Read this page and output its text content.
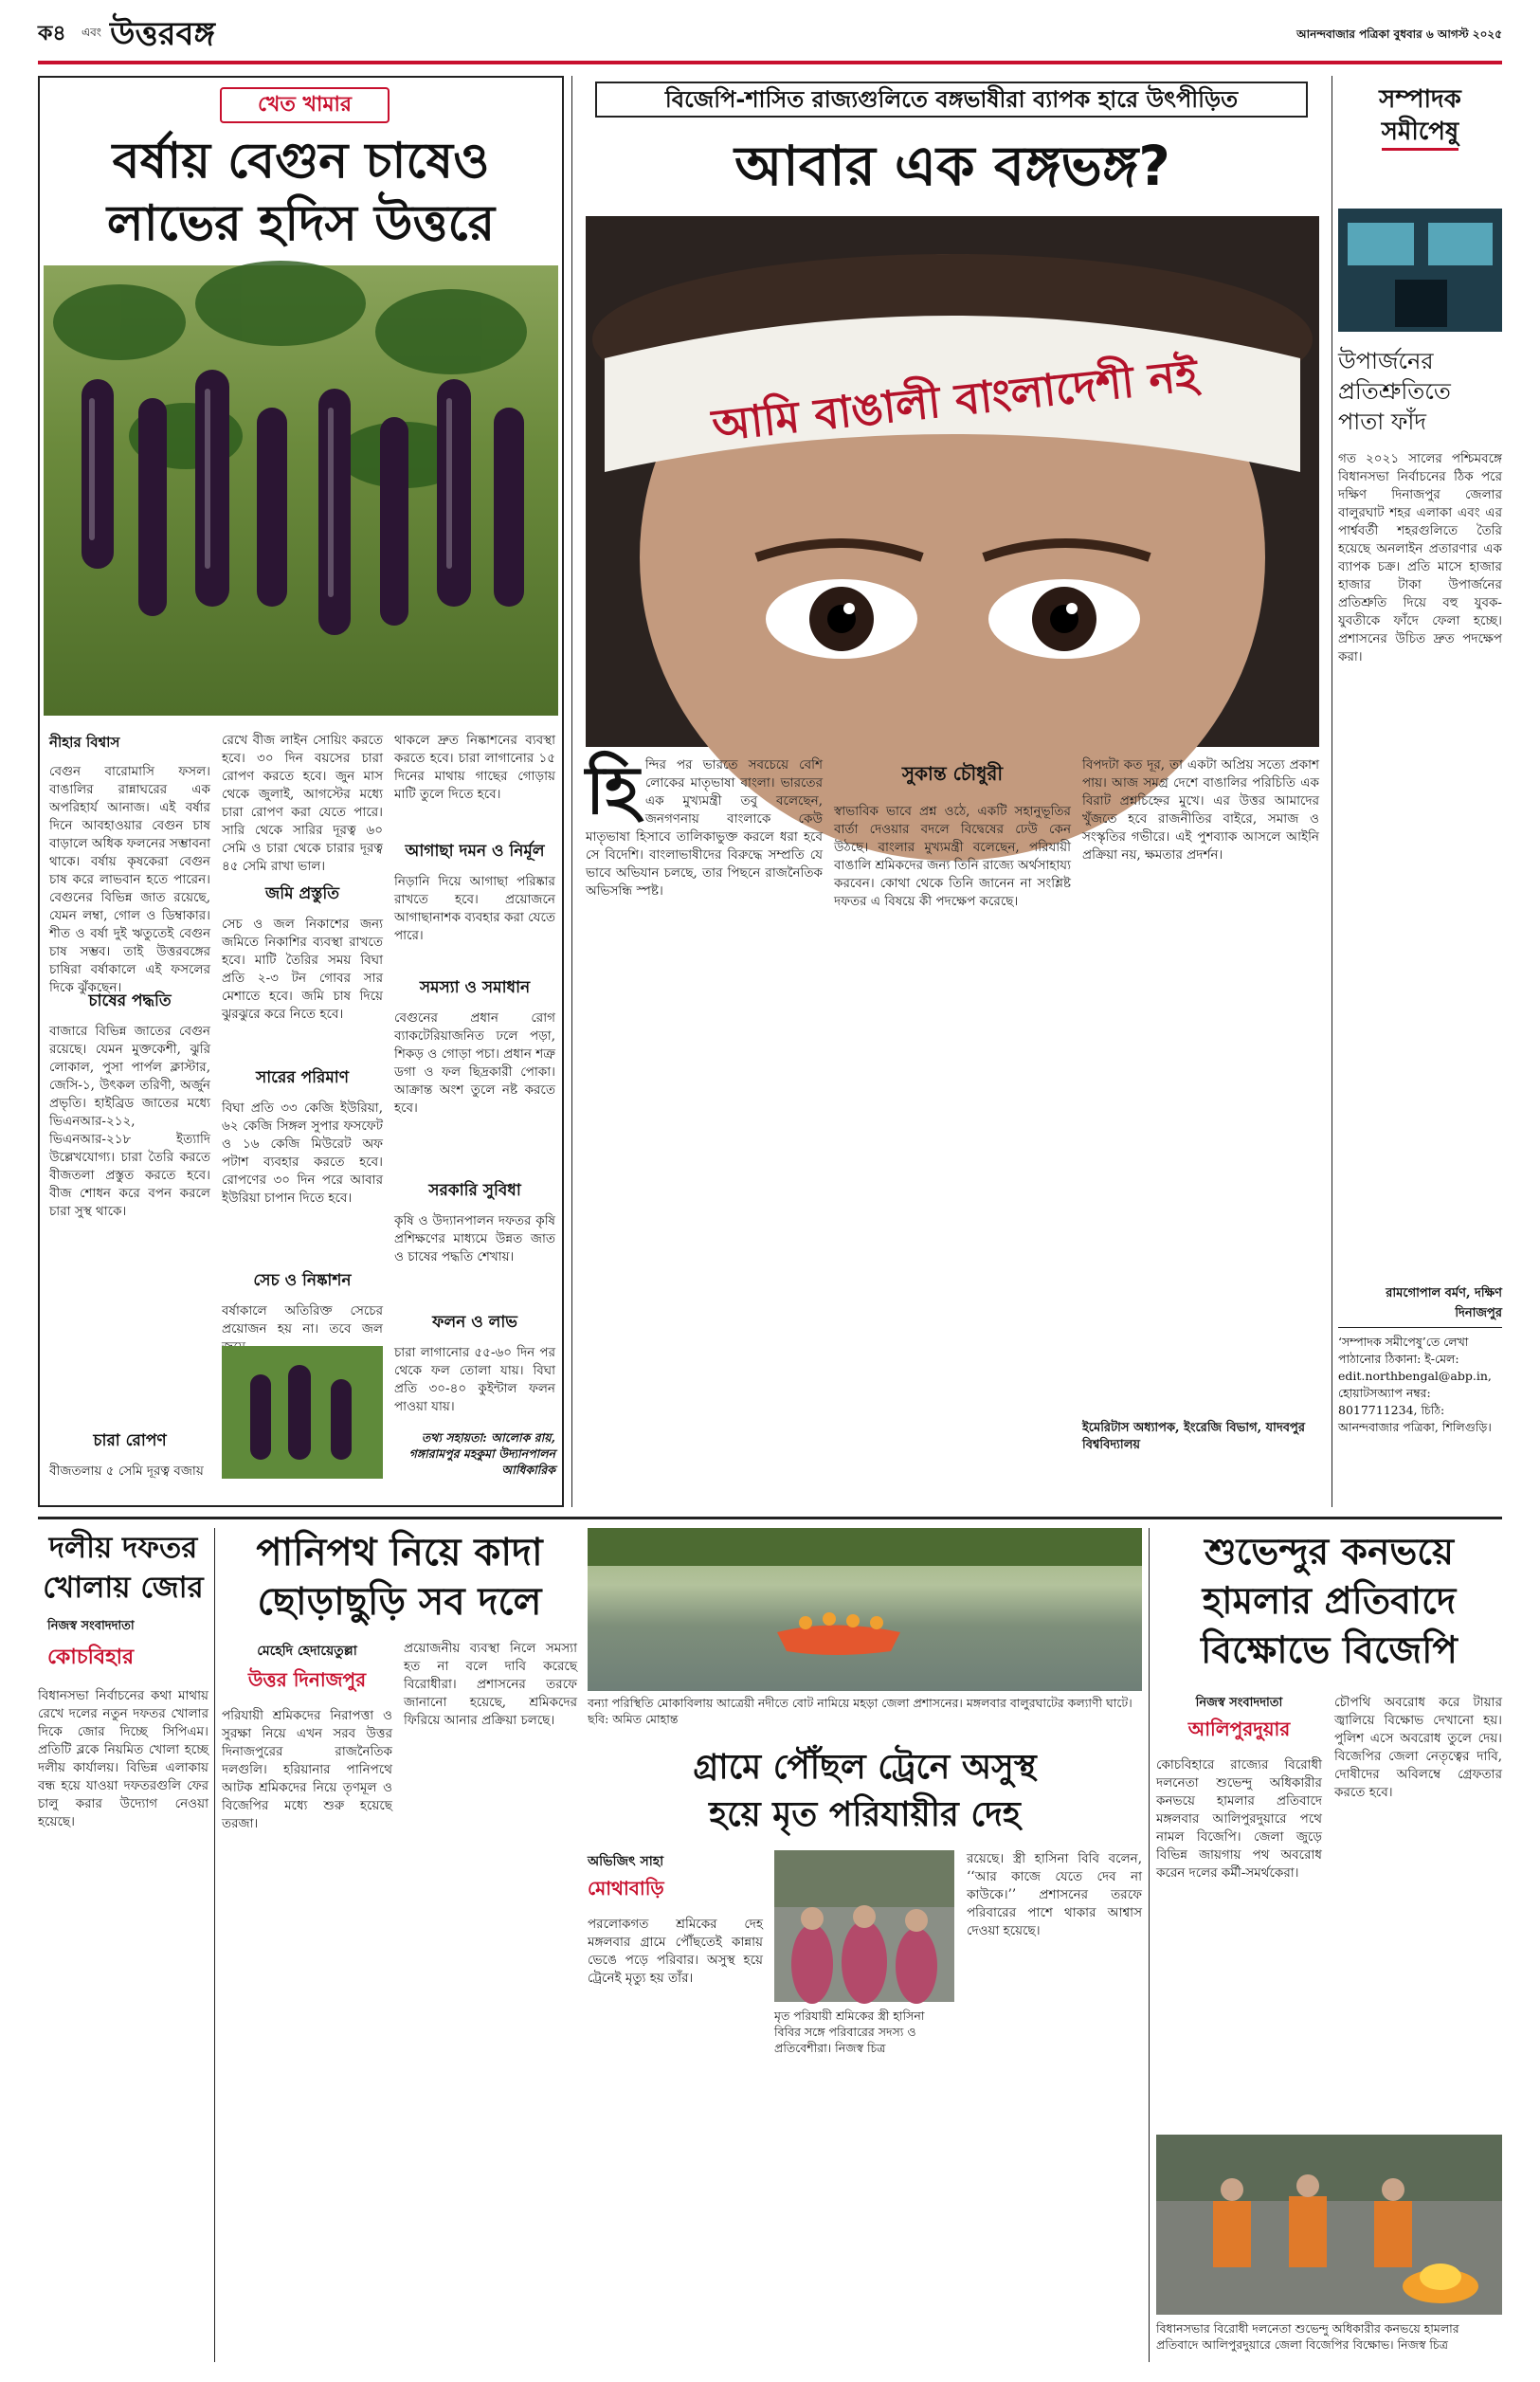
ক৪ এবং উত্তরবঙ্গ	আনন্দবাজার পত্রিকা বুধবার ৬ আগস্ট ২০২৫
খেত খামার
বর্ষায় বেগুন চাষেও
লাভের হদিস উত্তরে
নীহার বিশ্বাস
বেগুন বারোমাসি ফসল। বাঙালির রান্নাঘরের এক অপরিহার্য আনাজ। এই বর্ষার দিনে আবহাওয়ার বেগুন চাষ বাড়ালে অধিক ফলনের সম্ভাবনা থাকে। বর্ষায় কৃষকেরা বেগুন চাষ করে লাভবান হতে পারেন। বেগুনের বিভিন্ন জাত রয়েছে, যেমন লম্বা, গোল ও ডিম্বাকার। শীত ও বর্ষা দুই ঋতুতেই বেগুন চাষ সম্ভব। তাই উত্তরবঙ্গের চাষিরা বর্ষাকালে এই ফসলের দিকে ঝুঁকছেন।
চাষের পদ্ধতি
বাজারে বিভিন্ন জাতের বেগুন রয়েছে। যেমন মুক্তকেশী, ঝুরি লোকাল, পুসা পার্পল ক্লাস্টার, জেসি-১, উৎকল তরিণী, অর্জুন প্রভৃতি। হাইব্রিড জাতের মধ্যে ভিএনআর-২১২, ভিএনআর-২১৮ ইত্যাদি উল্লেখযোগ্য। চারা তৈরি করতে বীজতলা প্রস্তুত করতে হবে। বীজ শোধন করে বপন করলে চারা সুস্থ থাকে।
চারা রোপণ
বীজতলায় ৫ সেমি দূরত্ব বজায়
রেখে বীজ লাইন সোয়িং করতে হবে। ৩০ দিন বয়সের চারা রোপণ করতে হবে। জুন মাস থেকে জুলাই, আগস্টের মধ্যে চারা রোপণ করা যেতে পারে। সারি থেকে সারির দূরত্ব ৬০ সেমি ও চারা থেকে চারার দূরত্ব ৪৫ সেমি রাখা ভাল।
জমি প্রস্তুতি
সেচ ও জল নিকাশের জন্য জমিতে নিকাশির ব্যবস্থা রাখতে হবে। মাটি তৈরির সময় বিঘা প্রতি ২-৩ টন গোবর সার মেশাতে হবে। জমি চাষ দিয়ে ঝুরঝুরে করে নিতে হবে।
সারের পরিমাণ
বিঘা প্রতি ৩৩ কেজি ইউরিয়া, ৬২ কেজি সিঙ্গল সুপার ফসফেট ও ১৬ কেজি মিউরেট অফ পটাশ ব্যবহার করতে হবে। রোপণের ৩০ দিন পরে আবার ইউরিয়া চাপান দিতে হবে।
সেচ ও নিষ্কাশন
বর্ষাকালে অতিরিক্ত সেচের প্রয়োজন হয় না। তবে জল
থাকলে দ্রুত নিষ্কাশনের ব্যবস্থা করতে হবে। চারা লাগানোর ১৫ দিনের মাথায় গাছের গোড়ায় মাটি তুলে দিতে হবে।
আগাছা দমন ও নির্মূল
নিড়ানি দিয়ে আগাছা পরিষ্কার রাখতে হবে। প্রয়োজনে আগাছানাশক ব্যবহার করা যেতে পারে।
সমস্যা ও সমাধান
বেগুনের প্রধান রোগ ব্যাকটেরিয়াজনিত ঢলে পড়া, শিকড় ও গোড়া পচা। প্রধান শত্রু ডগা ও ফল ছিদ্রকারী পোকা। আক্রান্ত অংশ তুলে নষ্ট করতে হবে।
সরকারি সুবিধা
কৃষি ও উদ্যানপালন দফতর কৃষি প্রশিক্ষণের মাধ্যমে উন্নত জাত ও চাষের পদ্ধতি শেখায়।
ফলন ও লাভ
চারা লাগানোর ৫৫-৬০ দিন পর থেকে ফল তোলা যায়। বিঘা প্রতি ৩০-৪০ কুইন্টাল ফলন পাওয়া যায়।
তথ্য সহায়তা: আলোক রায়, গঙ্গারামপুর মহকুমা উদ্যানপালন আধিকারিক
বিজেপি-শাসিত রাজ্যগুলিতে বঙ্গভাষীরা ব্যাপক হারে উৎপীড়িত
আবার এক বঙ্গভঙ্গ?
আমি বাঙালী বাংলাদেশী নই
হি ন্দির পর ভারতে সবচেয়ে বেশি লোকের মাতৃভাষা বাংলা। ভারতের এক মুখ্যমন্ত্রী তবু বলেছেন, জনগণনায় বাংলাকে কেউ মাতৃভাষা হিসাবে তালিকাভুক্ত করলে ধরা হবে সে বিদেশি। বাংলাভাষীদের বিরুদ্ধে সম্প্রতি যে ভাবে অভিযান চলছে, তার পিছনে রাজনৈতিক অভিসন্ধি স্পষ্ট।
সুকান্ত চৌধুরী
স্বাভাবিক ভাবে প্রশ্ন ওঠে, একটি সহানুভূতির বার্তা দেওয়ার বদলে বিদ্বেষের ঢেউ কেন উঠছে। বাংলার মুখ্যমন্ত্রী বলেছেন, পরিযায়ী বাঙালি শ্রমিকদের জন্য তিনি রাজ্যে অর্থসাহায্য করবেন। কোথা থেকে তিনি জানেন না সংশ্লিষ্ট দফতর এ বিষয়ে কী পদক্ষেপ করেছে।
বিপদটা কত দূর, তা একটা অপ্রিয় সত্যে প্রকাশ পায়। আজ সমগ্র দেশে বাঙালির পরিচিতি এক বিরাট প্রশ্নচিহ্নের মুখে। এর উত্তর আমাদের খুঁজতে হবে রাজনীতির বাইরে, সমাজ ও সংস্কৃতির গভীরে। এই পুশব্যাক আসলে আইনি প্রক্রিয়া নয়, ক্ষমতার প্রদর্শন।
ইমেরিটাস অধ্যাপক, ইংরেজি বিভাগ, যাদবপুর বিশ্ববিদ্যালয়
সম্পাদক
সমীপেষু
উপার্জনের
প্রতিশ্রুতিতে
পাতা ফাঁদ
গত ২০২১ সালের পশ্চিমবঙ্গে বিধানসভা নির্বাচনের ঠিক পরে দক্ষিণ দিনাজপুর জেলার বালুরঘাট শহর এলাকা এবং এর পার্শ্ববর্তী শহরগুলিতে তৈরি হয়েছে অনলাইন প্রতারণার এক ব্যাপক চক্র। প্রতি মাসে হাজার হাজার টাকা উপার্জনের প্রতিশ্রুতি দিয়ে বহু যুবক-যুবতীকে ফাঁদে ফেলা হচ্ছে। প্রশাসনের উচিত দ্রুত পদক্ষেপ করা।
রামগোপাল বর্মণ, দক্ষিণ দিনাজপুর
‘সম্পাদক সমীপেষু’তে লেখা পাঠানোর ঠিকানা: ই-মেল: edit.northbengal@abp.in, হোয়াটসঅ্যাপ নম্বর: 8017711234, চিঠি: আনন্দবাজার পত্রিকা, শিলিগুড়ি।
দলীয় দফতর
খোলায় জোর
নিজস্ব সংবাদদাতা
কোচবিহার
বিধানসভা নির্বাচনের কথা মাথায় রেখে দলের নতুন দফতর খোলার দিকে জোর দিচ্ছে সিপিএম। প্রতিটি ব্লকে নিয়মিত খোলা হচ্ছে দলীয় কার্যালয়। বিভিন্ন এলাকায় বন্ধ হয়ে যাওয়া দফতরগুলি ফের চালু করার উদ্যোগ নেওয়া হয়েছে।
পানিপথ নিয়ে কাদা
ছোড়াছুড়ি সব দলে
মেহেদি হেদায়েতুল্লা
উত্তর দিনাজপুর
পরিযায়ী শ্রমিকদের নিরাপত্তা ও সুরক্ষা নিয়ে এখন সরব উত্তর দিনাজপুরের রাজনৈতিক দলগুলি। হরিয়ানার পানিপথে আটক শ্রমিকদের নিয়ে তৃণমূল ও বিজেপির মধ্যে শুরু হয়েছে তরজা।
প্রয়োজনীয় ব্যবস্থা নিলে সমস্যা হত না বলে দাবি করেছে বিরোধীরা। প্রশাসনের তরফে জানানো হয়েছে, শ্রমিকদের ফিরিয়ে আনার প্রক্রিয়া চলছে।
বন্যা পরিস্থিতি মোকাবিলায় আত্রেয়ী নদীতে বোট নামিয়ে মহড়া জেলা প্রশাসনের। মঙ্গলবার বালুরঘাটের কল্যাণী ঘাটে। ছবি: অমিত মোহান্ত
গ্রামে পৌঁছল ট্রেনে অসুস্থ
হয়ে মৃত পরিযায়ীর দেহ
অভিজিৎ সাহা
মোথাবাড়ি
পরলোকগত শ্রমিকের দেহ মঙ্গলবার গ্রামে পৌঁছতেই কান্নায় ভেঙে পড়ে পরিবার। অসুস্থ হয়ে ট্রেনেই মৃত্যু হয় তাঁর।
মৃত পরিযায়ী শ্রমিকের স্ত্রী হাসিনা বিবির সঙ্গে পরিবারের সদস্য ও প্রতিবেশীরা। নিজস্ব চিত্র
রয়েছে। স্ত্রী হাসিনা বিবি বলেন, ‘‘আর কাজে যেতে দেব না কাউকে।’’ প্রশাসনের তরফে পরিবারের পাশে থাকার আশ্বাস দেওয়া হয়েছে।
শুভেন্দুর কনভয়ে
হামলার প্রতিবাদে
বিক্ষোভে বিজেপি
নিজস্ব সংবাদদাতা
আলিপুরদুয়ার
কোচবিহারে রাজ্যের বিরোধী দলনেতা শুভেন্দু অধিকারীর কনভয়ে হামলার প্রতিবাদে মঙ্গলবার আলিপুরদুয়ারে পথে নামল বিজেপি। জেলা জুড়ে বিভিন্ন জায়গায় পথ অবরোধ করেন দলের কর্মী-সমর্থকেরা।
চৌপথি অবরোধ করে টায়ার জ্বালিয়ে বিক্ষোভ দেখানো হয়। পুলিশ এসে অবরোধ তুলে দেয়। বিজেপির জেলা নেতৃত্বের দাবি, দোষীদের অবিলম্বে গ্রেফতার করতে হবে।
বিধানসভার বিরোধী দলনেতা শুভেন্দু অধিকারীর কনভয়ে হামলার প্রতিবাদে আলিপুরদুয়ারে জেলা বিজেপির বিক্ষোভ। নিজস্ব চিত্র
